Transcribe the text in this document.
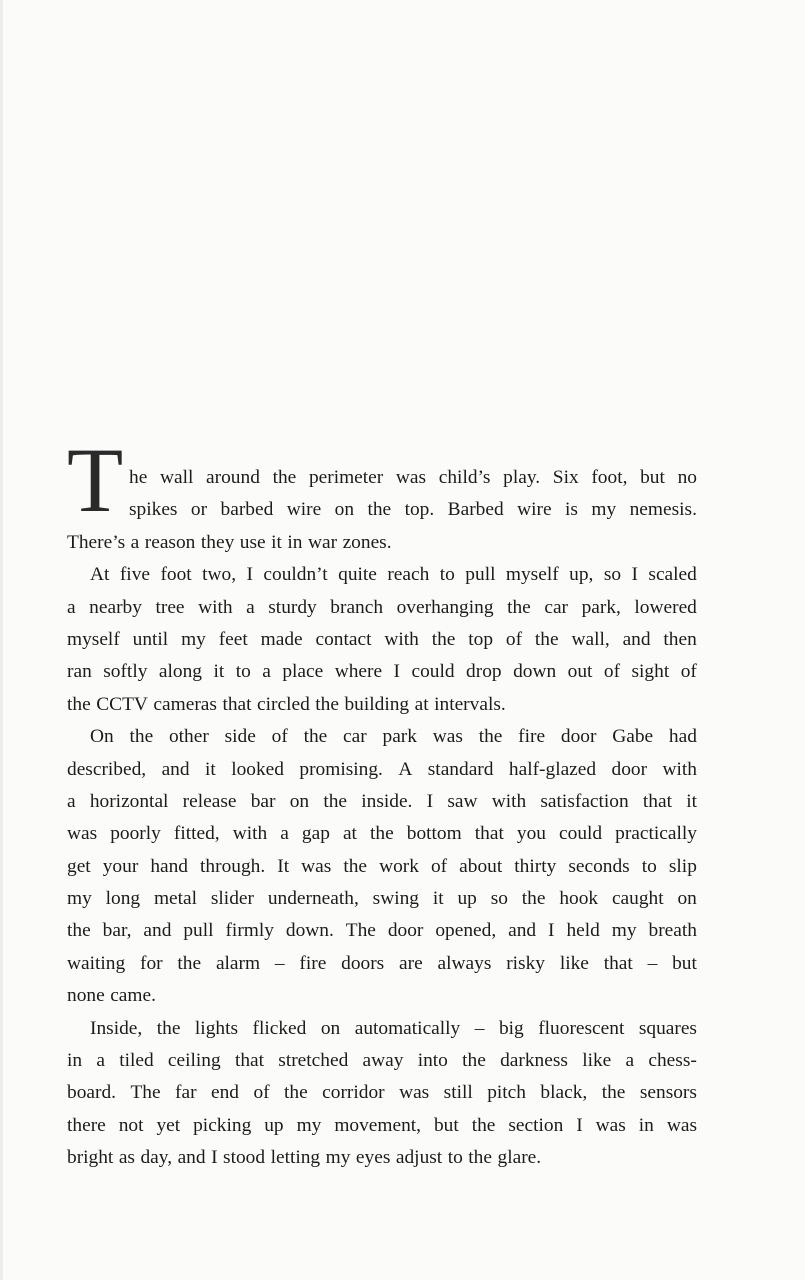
T he wall around the perimeter was child’s play. Six foot, but no
spikes or barbed wire on the top. Barbed wire is my nemesis.
There’s a reason they use it in war zones.
At five foot two, I couldn’t quite reach to pull myself up, so I scaled
a nearby tree with a sturdy branch overhanging the car park, lowered
myself until my feet made contact with the top of the wall, and then
ran softly along it to a place where I could drop down out of sight of
the CCTV cameras that circled the building at intervals.
On the other side of the car park was the fire door Gabe had
described, and it looked promising. A standard half-glazed door with
a horizontal release bar on the inside. I saw with satisfaction that it
was poorly fitted, with a gap at the bottom that you could practically
get your hand through. It was the work of about thirty seconds to slip
my long metal slider underneath, swing it up so the hook caught on
the bar, and pull firmly down. The door opened, and I held my breath
waiting for the alarm – fire doors are always risky like that – but
none came.
Inside, the lights flicked on automatically – big fluorescent squares
in a tiled ceiling that stretched away into the darkness like a chess-
board. The far end of the corridor was still pitch black, the sensors
there not yet picking up my movement, but the section I was in was
bright as day, and I stood letting my eyes adjust to the glare.
